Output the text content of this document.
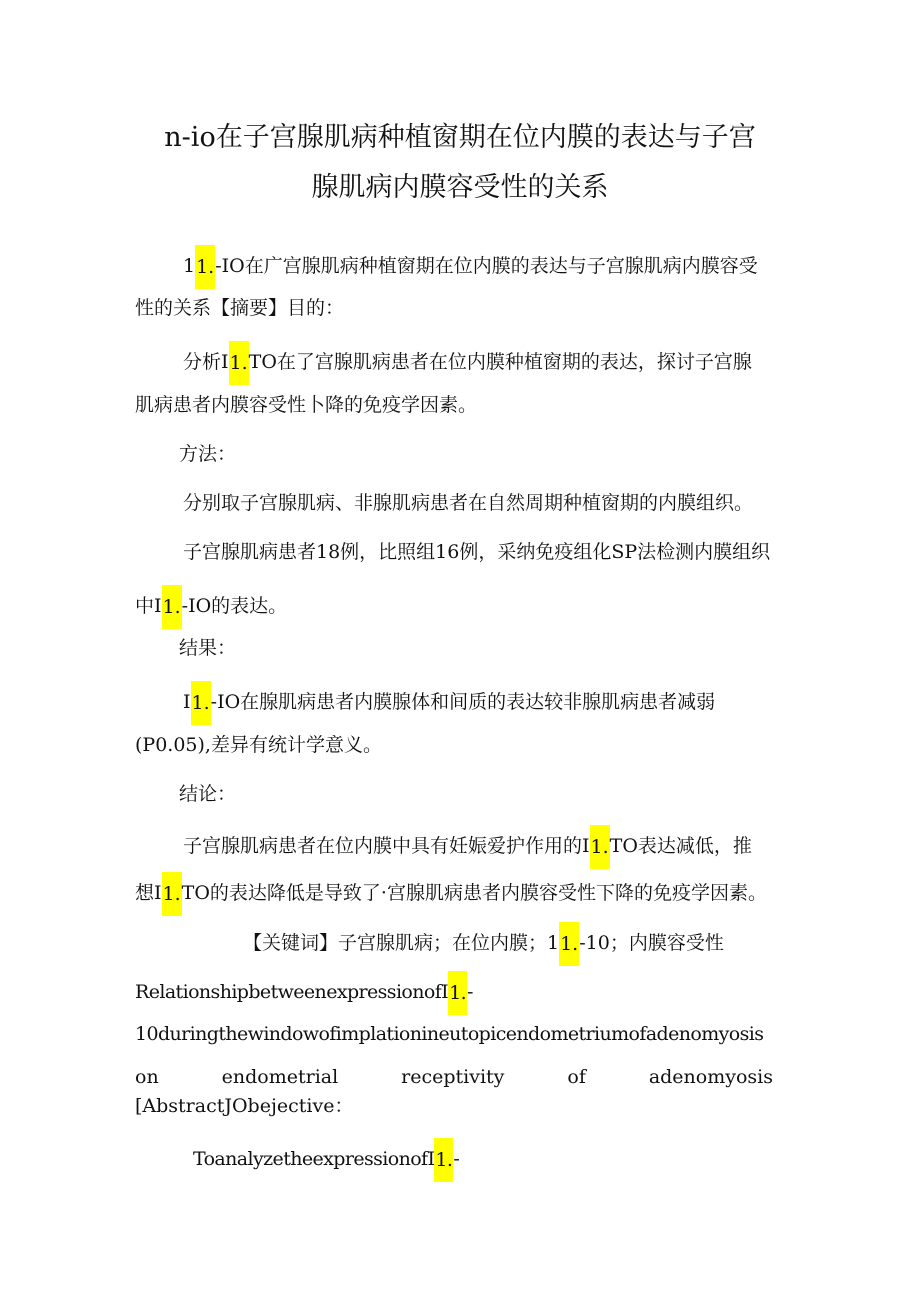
n-io在子宫腺肌病种植窗期在位内膜的表达与子宫
腺肌病内膜容受性的关系
11.-IO在广宫腺肌病种植窗期在位内膜的表达与子宫腺肌病内膜容受
性的关系【摘要】目的：
分析I1.TO在了宫腺肌病患者在位内膜种植窗期的表达，探讨子宫腺
肌病患者内膜容受性卜降的免疫学因素。
方法：
分别取子宫腺肌病、非腺肌病患者在自然周期种植窗期的内膜组织。
子宫腺肌病患者18例，比照组16例，采纳免疫组化SP法检测内膜组织
中I1.-IO的表达。
结果：
I1.-IO在腺肌病患者内膜腺体和间质的表达较非腺肌病患者减弱
(P0.05),差异有统计学意义。
结论：
子宫腺肌病患者在位内膜中具有妊娠爱护作用的I1.TO表达减低，推
想I1.TO的表达降低是导致了·宫腺肌病患者内膜容受性下降的免疫学因素。
【关键词】子宫腺肌病；在位内膜；11.-10；内膜容受性
RelationshipbetweenexpressionofI1.-
10duringthewindowofimplationineutopicendometriumofadenomyosis
on	endometrial	receptivity	of	adenomyosis
[AbstractJObejective：
ToanalyzetheexpressionofI1.-
